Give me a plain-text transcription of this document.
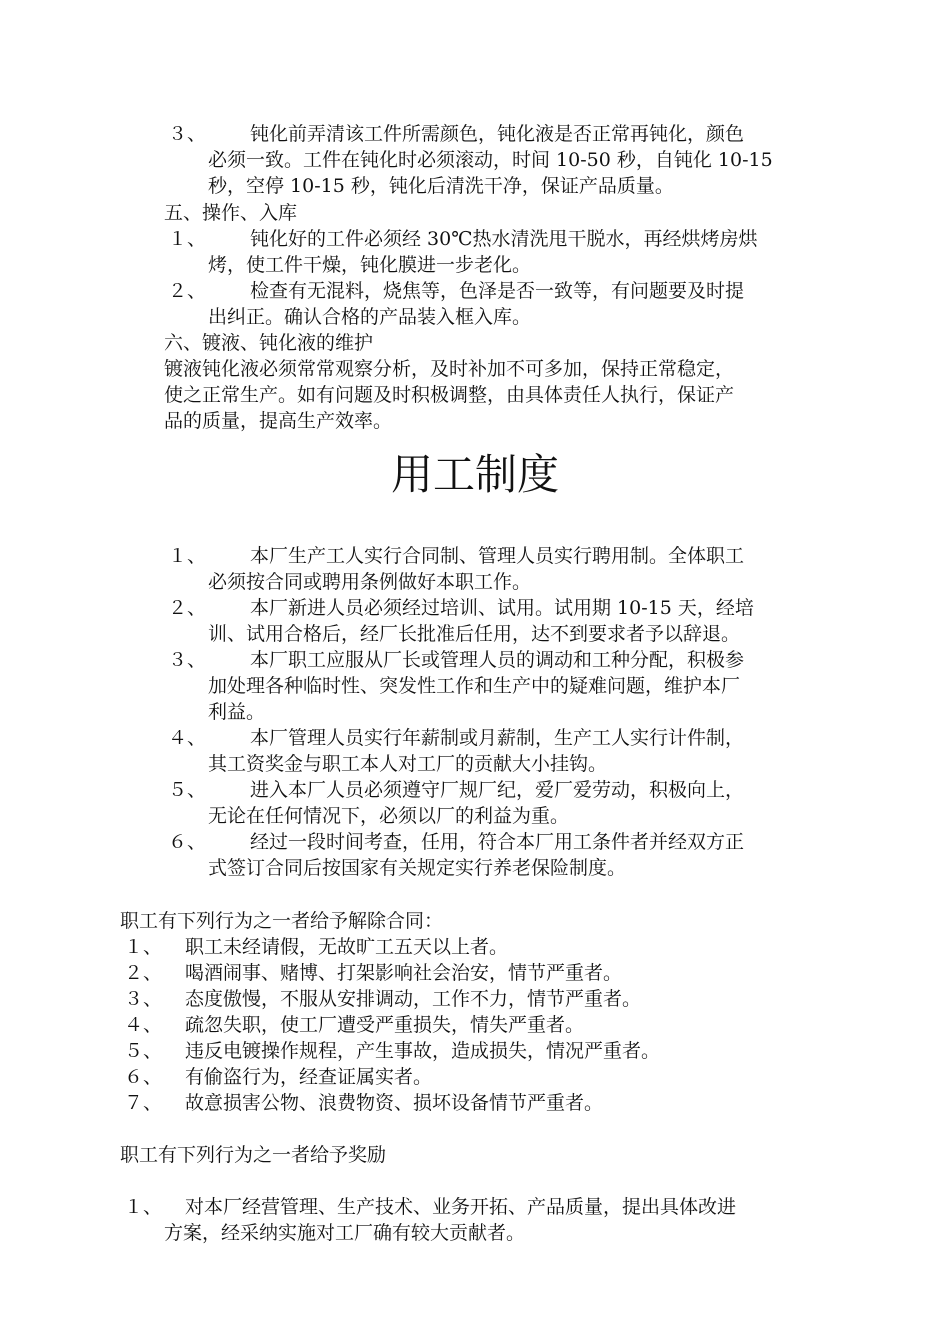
３、 钝化前弄清该工件所需颜色，钝化液是否正常再钝化，颜色
必须一致。工件在钝化时必须滚动，时间 10-50 秒，自钝化 10-15
秒，空停 10-15 秒，钝化后清洗干净，保证产品质量。
五、操作、入库
１、 钝化好的工件必须经 30℃热水清洗甩干脱水，再经烘烤房烘
烤，使工件干燥，钝化膜进一步老化。
２、 检查有无混料，烧焦等，色泽是否一致等，有问题要及时提
出纠正。确认合格的产品装入框入库。
六、镀液、钝化液的维护
镀液钝化液必须常常观察分析，及时补加不可多加，保持正常稳定，
使之正常生产。如有问题及时积极调整，由具体责任人执行，保证产
品的质量，提高生产效率。
用工制度
１、 本厂生产工人实行合同制、管理人员实行聘用制。全体职工
必须按合同或聘用条例做好本职工作。
２、 本厂新进人员必须经过培训、试用。试用期 10-15 天，经培
训、试用合格后，经厂长批准后任用，达不到要求者予以辞退。
３、 本厂职工应服从厂长或管理人员的调动和工种分配，积极参
加处理各种临时性、突发性工作和生产中的疑难问题，维护本厂
利益。
４、 本厂管理人员实行年薪制或月薪制，生产工人实行计件制，
其工资奖金与职工本人对工厂的贡献大小挂钩。
５、 进入本厂人员必须遵守厂规厂纪，爱厂爱劳动，积极向上，
无论在任何情况下，必须以厂的利益为重。
６、 经过一段时间考查，任用，符合本厂用工条件者并经双方正
式签订合同后按国家有关规定实行养老保险制度。
职工有下列行为之一者给予解除合同：
１、 职工未经请假，无故旷工五天以上者。
２、 喝酒闹事、赌博、打架影响社会治安，情节严重者。
３、 态度傲慢，不服从安排调动，工作不力，情节严重者。
４、 疏忽失职，使工厂遭受严重损失，情失严重者。
５、 违反电镀操作规程，产生事故，造成损失，情况严重者。
６、 有偷盗行为，经查证属实者。
７、 故意损害公物、浪费物资、损坏设备情节严重者。
职工有下列行为之一者给予奖励
１、 对本厂经营管理、生产技术、业务开拓、产品质量，提出具体改进
方案，经采纳实施对工厂确有较大贡献者。
